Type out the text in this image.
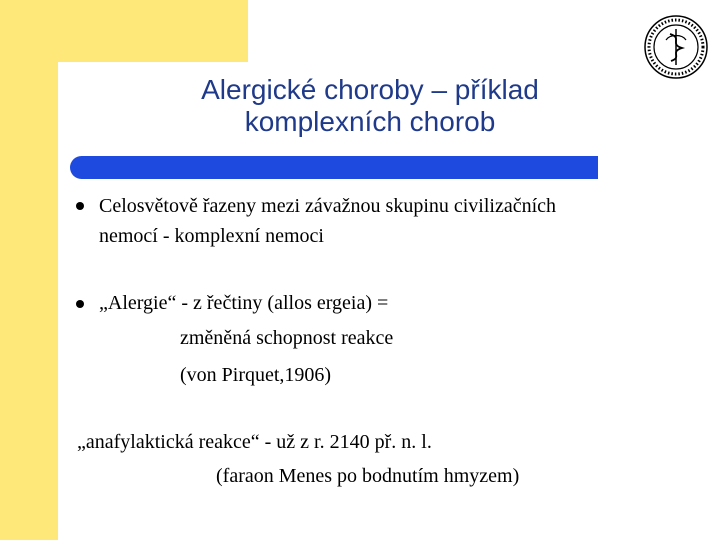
Alergické choroby – příklad
komplexních chorob
Celosvětově řazeny mezi závažnou skupinu civilizačních
nemocí - komplexní nemoci
„Alergie“ - z řečtiny (allos ergeia) =
změněná schopnost reakce
(von Pirquet,1906)
„anafylaktická reakce“ - už z r. 2140 př. n. l.
(faraon Menes po bodnutím hmyzem)
